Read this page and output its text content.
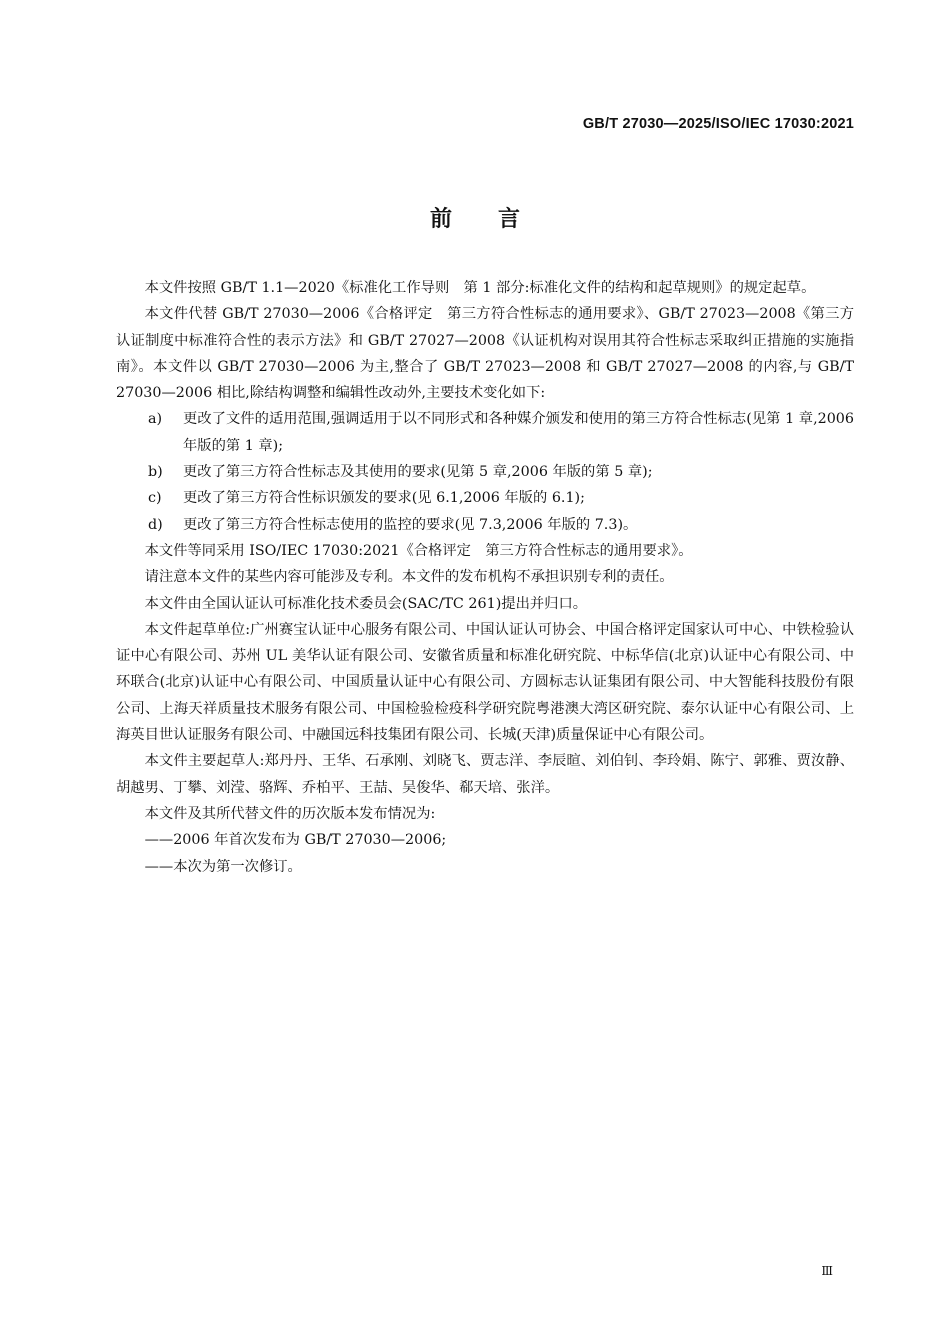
GB/T 27030—2025/ISO/IEC 17030:2021
前言

本文件按照 GB/T 1.1—2020《标准化工作导则　第 1 部分:标准化文件的结构和起草规则》的规定起草。

本文件代替 GB/T 27030—2006《合格评定　第三方符合性标志的通用要求》、GB/T 27023—2008《第三方认证制度中标准符合性的表示方法》和 GB/T 27027—2008《认证机构对误用其符合性标志采取纠正措施的实施指南》。本文件以 GB/T 27030—2006 为主,整合了 GB/T 27023—2008 和 GB/T 27027—2008 的内容,与 GB/T 27030—2006 相比,除结构调整和编辑性改动外,主要技术变化如下:

a)	更改了文件的适用范围,强调适用于以不同形式和各种媒介颁发和使用的第三方符合性标志(见第 1 章,2006 年版的第 1 章);
b)	更改了第三方符合性标志及其使用的要求(见第 5 章,2006 年版的第 5 章);
c)	更改了第三方符合性标识颁发的要求(见 6.1,2006 年版的 6.1);
d)	更改了第三方符合性标志使用的监控的要求(见 7.3,2006 年版的 7.3)。

本文件等同采用 ISO/IEC 17030:2021《合格评定　第三方符合性标志的通用要求》。

请注意本文件的某些内容可能涉及专利。本文件的发布机构不承担识别专利的责任。

本文件由全国认证认可标准化技术委员会(SAC/TC 261)提出并归口。

本文件起草单位:广州赛宝认证中心服务有限公司、中国认证认可协会、中国合格评定国家认可中心、中铁检验认证中心有限公司、苏州 UL 美华认证有限公司、安徽省质量和标准化研究院、中标华信(北京)认证中心有限公司、中环联合(北京)认证中心有限公司、中国质量认证中心有限公司、方圆标志认证集团有限公司、中大智能科技股份有限公司、上海天祥质量技术服务有限公司、中国检验检疫科学研究院粤港澳大湾区研究院、泰尔认证中心有限公司、上海英目世认证服务有限公司、中融国远科技集团有限公司、长城(天津)质量保证中心有限公司。

本文件主要起草人:郑丹丹、王华、石承刚、刘晓飞、贾志洋、李辰暄、刘伯钊、李玲娟、陈宁、郭雅、贾汝静、胡越男、丁攀、刘滢、骆辉、乔柏平、王喆、吴俊华、郗天培、张洋。

本文件及其所代替文件的历次版本发布情况为:

——2006 年首次发布为 GB/T 27030—2006;

——本次为第一次修订。

Ⅲ
